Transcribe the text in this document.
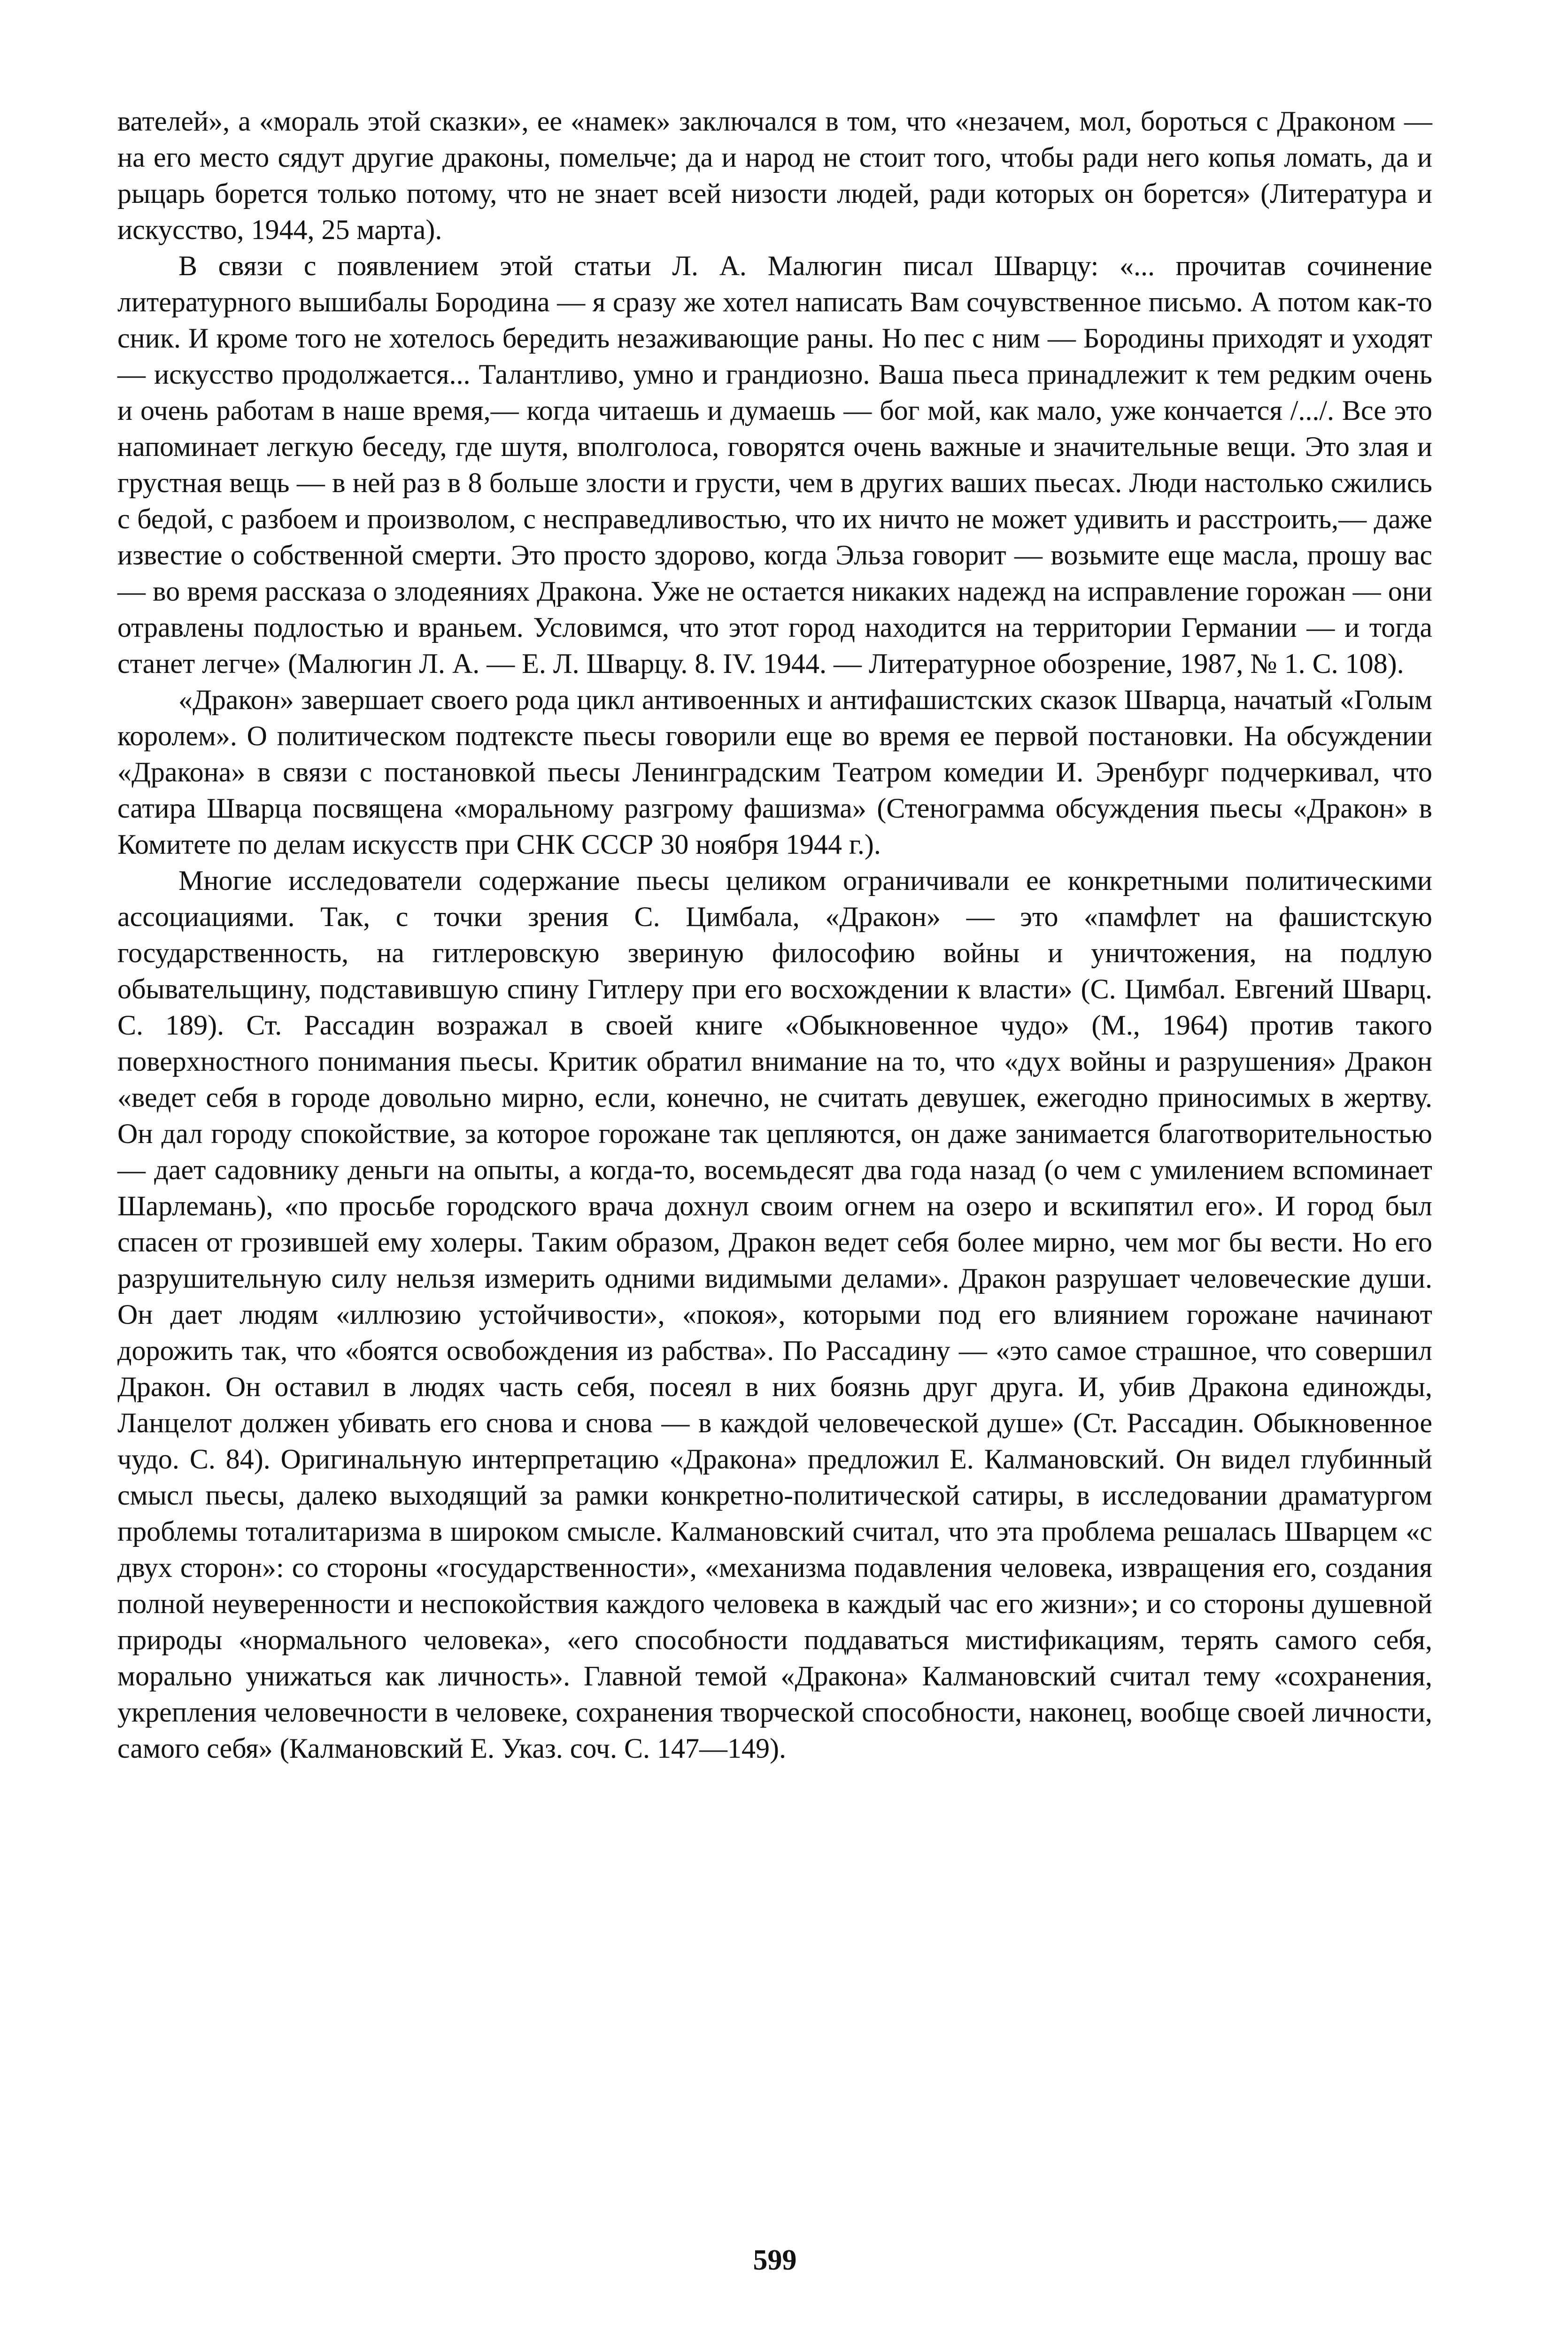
вателей», а «мораль этой сказки», ее «намек» заключался в том, что «незачем, мол, бороться с Драконом — на его место сядут другие драконы, помельче; да и народ не стоит того, чтобы ради него копья ломать, да и рыцарь борется только потому, что не знает всей низости людей, ради которых он борется» (Литература и искусство, 1944, 25 марта).

В связи с появлением этой статьи Л. А. Малюгин писал Шварцу: «... прочитав сочинение литературного вышибалы Бородина — я сразу же хотел написать Вам сочувственное письмо. А потом как-то сник. И кроме того не хотелось бередить незаживающие раны. Но пес с ним — Бородины приходят и уходят — искусство продолжается... Талантливо, умно и грандиозно. Ваша пьеса принадлежит к тем редким очень и очень работам в наше время,— когда читаешь и думаешь — бог мой, как мало, уже кончается /.../. Все это напоминает легкую беседу, где шутя, вполголоса, говорятся очень важные и значительные вещи. Это злая и грустная вещь — в ней раз в 8 больше злости и грусти, чем в других ваших пьесах. Люди настолько сжились с бедой, с разбоем и произволом, с несправедливостью, что их ничто не может удивить и расстроить,— даже известие о собственной смерти. Это просто здорово, когда Эльза говорит — возьмите еще масла, прошу вас — во время рассказа о злодеяниях Дракона. Уже не остается никаких надежд на исправление горожан — они отравлены подлостью и враньем. Условимся, что этот город находится на территории Германии — и тогда станет легче» (Малюгин Л. А. — Е. Л. Шварцу. 8. IV. 1944. — Литературное обозрение, 1987, № 1. С. 108).

«Дракон» завершает своего рода цикл антивоенных и антифашистских сказок Шварца, начатый «Голым королем». О политическом подтексте пьесы говорили еще во время ее первой постановки. На обсуждении «Дракона» в связи с постановкой пьесы Ленинградским Театром комедии И. Эренбург подчеркивал, что сатира Шварца посвящена «моральному разгрому фашизма» (Стенограмма обсуждения пьесы «Дракон» в Комитете по делам искусств при СНК СССР 30 ноября 1944 г.).

Многие исследователи содержание пьесы целиком ограничивали ее конкретными политическими ассоциациями. Так, с точки зрения С. Цимбала, «Дракон» — это «памфлет на фашистскую государственность, на гитлеровскую звериную философию войны и уничтожения, на подлую обывательщину, подставившую спину Гитлеру при его восхождении к власти» (С. Цимбал. Евгений Шварц. С. 189). Ст. Рассадин возражал в своей книге «Обыкновенное чудо» (М., 1964) против такого поверхностного понимания пьесы. Критик обратил внимание на то, что «дух войны и разрушения» Дракон «ведет себя в городе довольно мирно, если, конечно, не считать девушек, ежегодно приносимых в жертву. Он дал городу спокойствие, за которое горожане так цепляются, он даже занимается благотворительностью — дает садовнику деньги на опыты, а когда-то, восемьдесят два года назад (о чем с умилением вспоминает Шарлемань), «по просьбе городского врача дохнул своим огнем на озеро и вскипятил его». И город был спасен от грозившей ему холеры. Таким образом, Дракон ведет себя более мирно, чем мог бы вести. Но его разрушительную силу нельзя измерить одними видимыми делами». Дракон разрушает человеческие души. Он дает людям «иллюзию устойчивости», «покоя», которыми под его влиянием горожане начинают дорожить так, что «боятся освобождения из рабства». По Рассадину — «это самое страшное, что совершил Дракон. Он оставил в людях часть себя, посеял в них боязнь друг друга. И, убив Дракона единожды, Ланцелот должен убивать его снова и снова — в каждой человеческой душе» (Ст. Рассадин. Обыкновенное чудо. С. 84). Оригинальную интерпретацию «Дракона» предложил Е. Калмановский. Он видел глубинный смысл пьесы, далеко выходящий за рамки конкретно-политической сатиры, в исследовании драматургом проблемы тоталитаризма в широком смысле. Калмановский считал, что эта проблема решалась Шварцем «с двух сторон»: со стороны «государственности», «механизма подавления человека, извращения его, создания полной неуверенности и неспокойствия каждого человека в каждый час его жизни»; и со стороны душевной природы «нормального человека», «его способности поддаваться мистификациям, терять самого себя, морально унижаться как личность». Главной темой «Дракона» Калмановский считал тему «сохранения, укрепления человечности в человеке, сохранения творческой способности, наконец, вообще своей личности, самого себя» (Калмановский Е. Указ. соч. С. 147—149).

599
